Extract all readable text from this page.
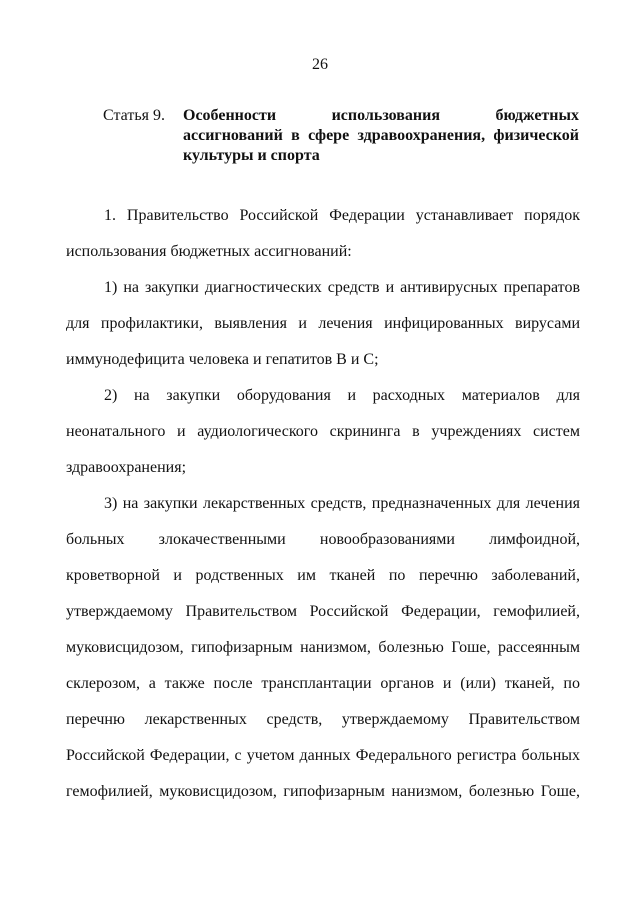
26
Статья 9.	Особенности использования бюджетных ассигнований в сфере здравоохранения, физической культуры и спорта
1. Правительство Российской Федерации устанавливает порядок
использования бюджетных ассигнований:
1) на закупки диагностических средств и антивирусных препаратов
для профилактики, выявления и лечения инфицированных вирусами
иммунодефицита человека и гепатитов B и C;
2) на закупки оборудования и расходных материалов для
неонатального и аудиологического скрининга в учреждениях систем
здравоохранения;
3) на закупки лекарственных средств, предназначенных для лечения
больных злокачественными новообразованиями лимфоидной,
кроветворной и родственных им тканей по перечню заболеваний,
утверждаемому Правительством Российской Федерации, гемофилией,
муковисцидозом, гипофизарным нанизмом, болезнью Гоше, рассеянным
склерозом, а также после трансплантации органов и (или) тканей, по
перечню лекарственных средств, утверждаемому Правительством
Российской Федерации, с учетом данных Федерального регистра больных
гемофилией, муковисцидозом, гипофизарным нанизмом, болезнью Гоше,
